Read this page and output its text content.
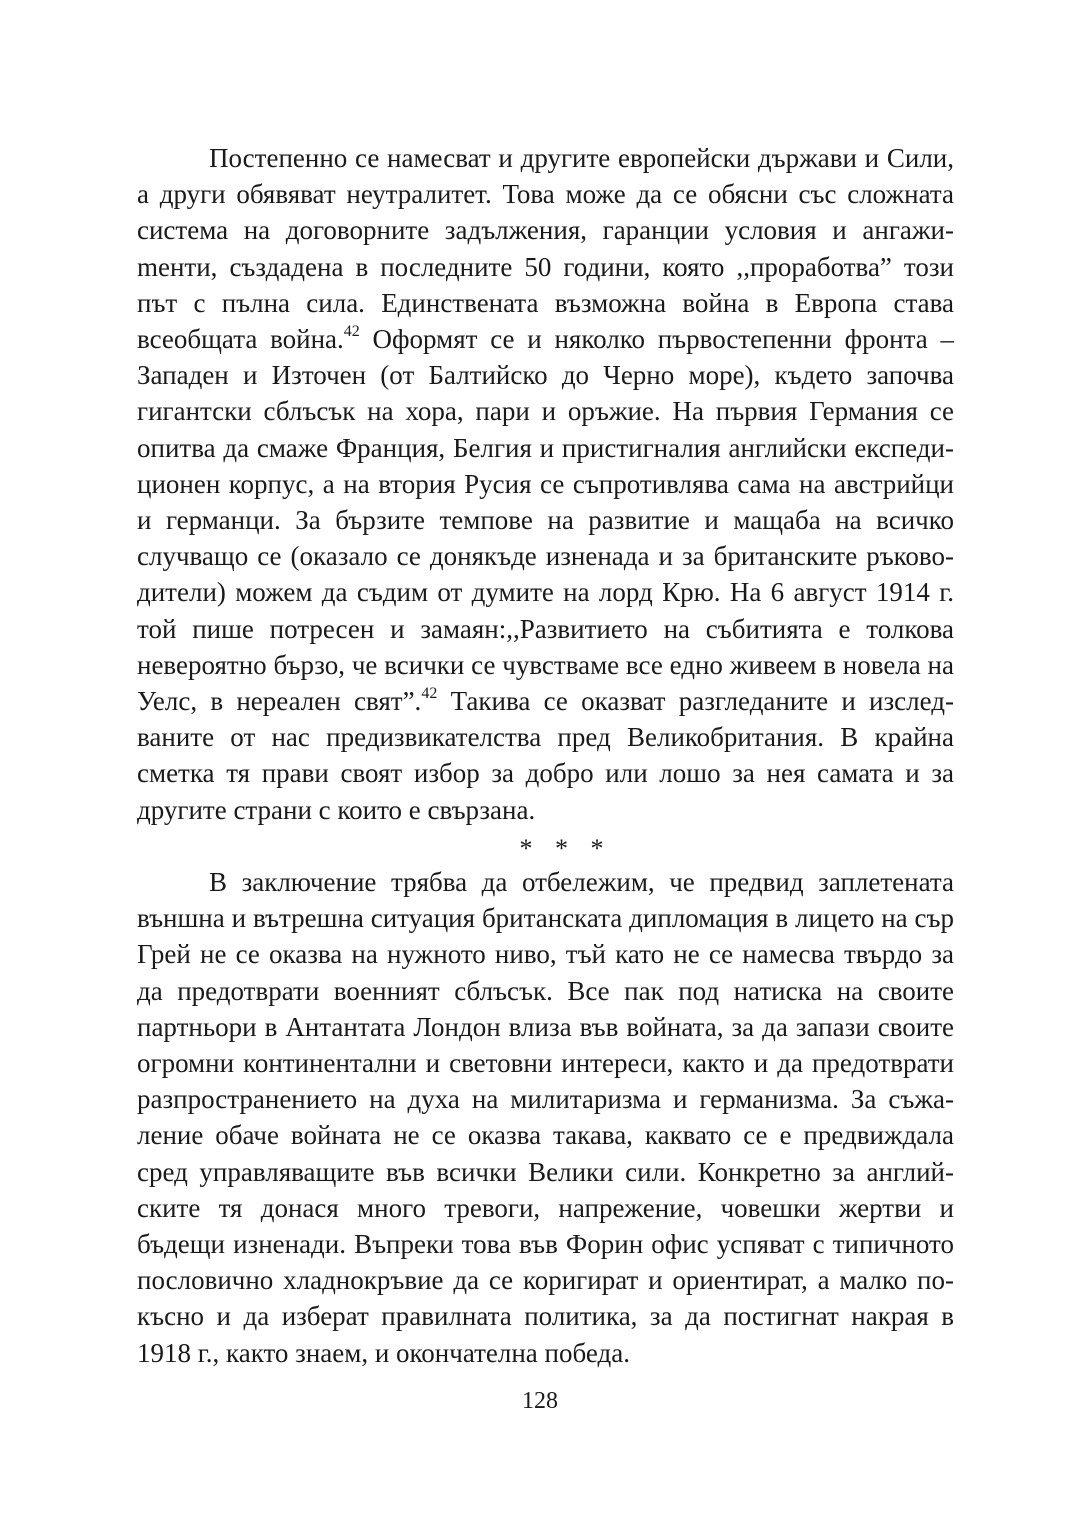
Постепенно се намесват и другите европейски държави и Сили, а други обявяват неутралитет. Това може да се обясни със сложната система на договорните задължения, гаранции условия и ангажиmенти, създадена в последните 50 години, която ,,проработва” този път с пълна сила. Единствената възможна война в Европа става всеобщата война.$^{42}$ Оформят се и няколко първостепенни фронта – Западен и Източен (от Балтийско до Черно море), където започва гигантски сблъсък на хора, пари и оръжие. На първия Германия се опитва да смаже Франция, Белгия и пристигналия английски експедиционен корпус, а на втория Русия се съпротивлява сама на австрийци и германци. За бързите темпове на развитие и мащаба на всичко случващо се (оказало се донякъде изненада и за британските ръководители) можем да съдим от думите на лорд Крю. На 6 август 1914 г. той пише потресен и замаян:,,Развитието на събитията е толкова невероятно бързо, че всички се чувстваме все едно живеем в новела на Уелс, в нереален свят”.$^{42}$ Такива се оказват разгледаните и изследваните от нас предизвикателства пред Великобритания. В крайна сметка тя прави своят избор за добро или лошо за нея самата и за другите страни с които е свързана.

* * *

В заключение трябва да отбележим, че предвид заплетената външна и вътрешна ситуация британската дипломация в лицето на сър Грей не се оказва на нужното ниво, тъй като не се намесва твърдо за да предотврати военният сблъсък. Все пак под натиска на своите партньори в Антантата Лондон влиза във войната, за да запази своите огромни континентални и световни интереси, както и да предотврати разпространението на духа на милитаризма и германизма. За съжаление обаче войната не се оказва такава, каквато се е предвиждала сред управляващите във всички Велики сили. Конкретно за английските тя донася много тревоги, напрежение, човешки жертви и бъдещи изненади. Въпреки това във Форин офис успяват с типичното пословично хладнокръвие да се коригират и ориентират, а малко покъсно и да изберат правилната политика, за да постигнат накрая в 1918 г., както знаем, и окончателна победа.

128
